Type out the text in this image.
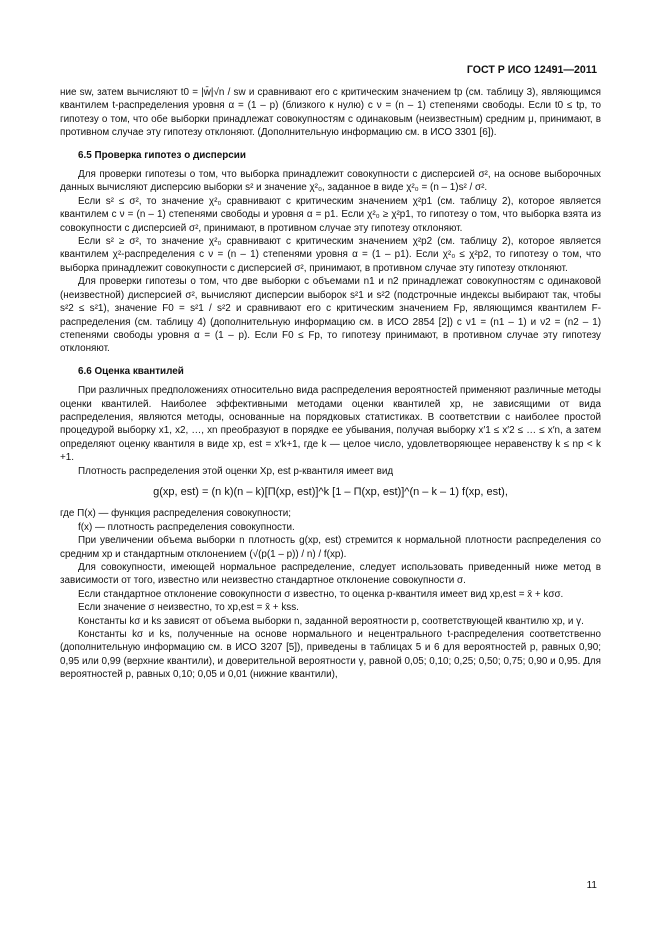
ГОСТ Р ИСО 12491—2011

ние sw, затем вычисляют t0 = |w̄|√n / sw и сравнивают его с критическим значением tp (см. таблицу 3), являющимся квантилем t-распределения уровня α = (1 – p) (близкого к нулю) с ν = (n – 1) степенями свободы. Если t0 ≤ tp, то гипотезу о том, что обе выборки принадлежат совокупностям с одинаковым (неизвестным) средним μ, принимают, в противном случае эту гипотезу отклоняют. (Дополнительную информацию см. в ИСО 3301 [6]).

6.5 Проверка гипотез о дисперсии

Для проверки гипотезы о том, что выборка принадлежит совокупности с дисперсией σ², на основе выборочных данных вычисляют дисперсию выборки s² и значение χ²₀, заданное в виде χ²₀ = (n – 1)s² / σ².

Если s² ≤ σ², то значение χ²₀ сравнивают с критическим значением χ²p1 (см. таблицу 2), которое является квантилем с ν = (n – 1) степенями свободы и уровня α = p1. Если χ²₀ ≥ χ²p1, то гипотезу о том, что выборка взята из совокупности с дисперсией σ², принимают, в противном случае эту гипотезу отклоняют.

Если s² ≥ σ², то значение χ²₀ сравнивают с критическим значением χ²p2 (см. таблицу 2), которое является квантилем χ²-распределения с ν = (n – 1) степенями уровня α = (1 – p1). Если χ²₀ ≤ χ²p2, то гипотезу о том, что выборка принадлежит совокупности с дисперсией σ², принимают, в противном случае эту гипотезу отклоняют.

Для проверки гипотезы о том, что две выборки с объемами n1 и n2 принадлежат совокупностям с одинаковой (неизвестной) дисперсией σ², вычисляют дисперсии выборок s²1 и s²2 (подстрочные индексы выбирают так, чтобы s²2 ≤ s²1), значение F0 = s²1 / s²2 и сравнивают его с критическим значением Fp, являющимся квантилем F-распределения (см. таблицу 4) (дополнительную информацию см. в ИСО 2854 [2]) с ν1 = (n1 – 1) и ν2 = (n2 – 1) степенями свободы уровня α = (1 – p). Если F0 ≤ Fp, то гипотезу принимают, в противном случае эту гипотезу отклоняют.

6.6 Оценка квантилей

При различных предположениях относительно вида распределения вероятностей применяют различные методы оценки квантилей. Наиболее эффективными методами оценки квантилей xp, не зависящими от вида распределения, являются методы, основанные на порядковых статистиках. В соответствии с наиболее простой процедурой выборку x1, x2, …, xn преобразуют в порядке ее убывания, получая выборку x′1 ≤ x′2 ≤ … ≤ x′n, а затем определяют оценку квантиля в виде xp, est = x′k+1, где k — целое число, удовлетворяющее неравенству k ≤ np < k +1.

Плотность распределения этой оценки Xp, est p-квантиля имеет вид

g(xp, est) = (n k)(n – k)[Π(xp, est)]^k [1 – Π(xp, est)]^(n – k – 1) f(xp, est),

где Π(x) — функция распределения совокупности;

f(x) — плотность распределения совокупности.

При увеличении объема выборки n плотность g(xp, est) стремится к нормальной плотности распределения со средним xp и стандартным отклонением (√(p(1 – p)) / n) / f(xp).

Для совокупности, имеющей нормальное распределение, следует использовать приведенный ниже метод в зависимости от того, известно или неизвестно стандартное отклонение совокупности σ.

Если стандартное отклонение совокупности σ известно, то оценка p-квантиля имеет вид xp,est = x̄ + kσσ.

Если значение σ неизвестно, то xp,est = x̄ + kss.

Константы kσ и ks зависят от объема выборки n, заданной вероятности p, соответствующей квантилю xp, и γ.

Константы kσ и ks, полученные на основе нормального и нецентрального t-распределения соответственно (дополнительную информацию см. в ИСО 3207 [5]), приведены в таблицах 5 и 6 для вероятностей p, равных 0,90; 0,95 или 0,99 (верхние квантили), и доверительной вероятности γ, равной 0,05; 0,10; 0,25; 0,50; 0,75; 0,90 и 0,95. Для вероятностей p, равных 0,10; 0,05 и 0,01 (нижние квантили),

11
